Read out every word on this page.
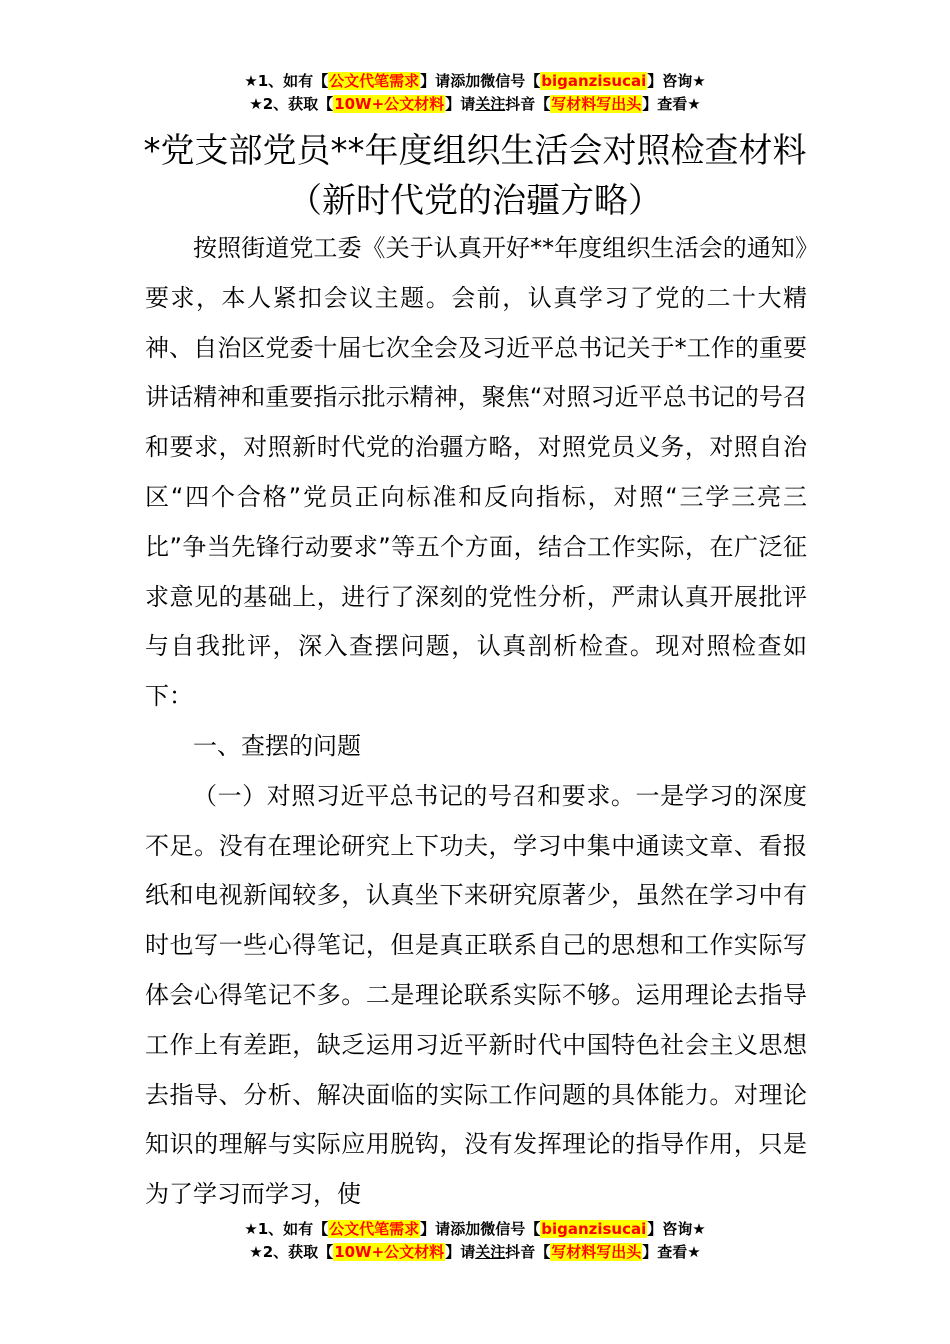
★1、如有【公文代笔需求】请添加微信号【biganzisucai】咨询★
★2、获取【10W+公文材料】请关注抖音【写材料写出头】查看★
*党支部党员**年度组织生活会对照检查材料（新时代党的治疆方略）

按照街道党工委《关于认真开好**年度组织生活会的通知》要求，本人紧扣会议主题。会前，认真学习了党的二十大精神、自治区党委十届七次全会及习近平总书记关于*工作的重要讲话精神和重要指示批示精神，聚焦“对照习近平总书记的号召和要求，对照新时代党的治疆方略，对照党员义务，对照自治区“四个合格”党员正向标准和反向指标，对照“三学三亮三比”争当先锋行动要求”等五个方面，结合工作实际，在广泛征求意见的基础上，进行了深刻的党性分析，严肃认真开展批评与自我批评，深入查摆问题，认真剖析检查。现对照检查如下：

一、查摆的问题

（一）对照习近平总书记的号召和要求。一是学习的深度不足。没有在理论研究上下功夫，学习中集中通读文章、看报纸和电视新闻较多，认真坐下来研究原著少，虽然在学习中有时也写一些心得笔记，但是真正联系自己的思想和工作实际写体会心得笔记不多。二是理论联系实际不够。运用理论去指导工作上有差距，缺乏运用习近平新时代中国特色社会主义思想去指导、分析、解决面临的实际工作问题的具体能力。对理论知识的理解与实际应用脱钩，没有发挥理论的指导作用，只是为了学习而学习，使

★1、如有【公文代笔需求】请添加微信号【biganzisucai】咨询★
★2、获取【10W+公文材料】请关注抖音【写材料写出头】查看★
